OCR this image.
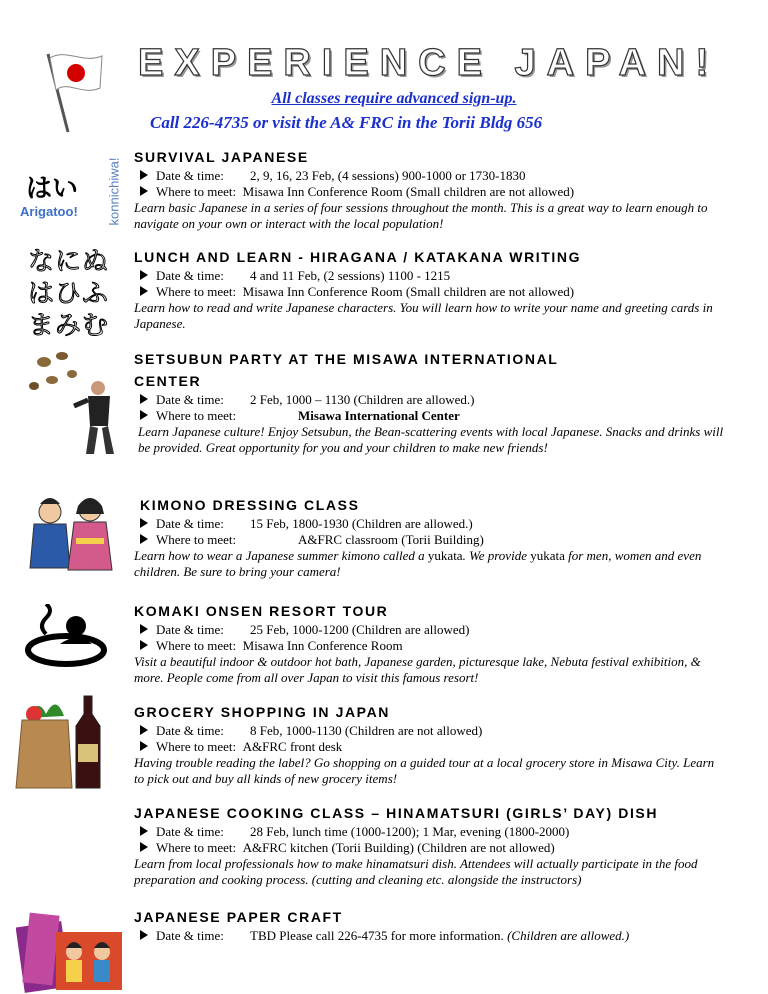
EXPERIENCE JAPAN!
All classes require advanced sign-up.
Call 226-4735 or visit the A& FRC in the Torii Bldg 656
konnichiwa!
はい
Arigatoo!
なにぬ
はひふ
まみむ
SURVIVAL JAPANESE
Date & time: 2, 9, 16, 23 Feb, (4 sessions) 900-1000 or 1730-1830
Where to meet: Misawa Inn Conference Room (Small children are not allowed)
Learn basic Japanese in a series of four sessions throughout the month. This is a great way to learn enough to navigate on your own or interact with the local population!
LUNCH AND LEARN - HIRAGANA / KATAKANA WRITING
Date & time: 4 and 11 Feb, (2 sessions) 1100 - 1215
Where to meet: Misawa Inn Conference Room (Small children are not allowed)
Learn how to read and write Japanese characters. You will learn how to write your name and greeting cards in Japanese.
SETSUBUN PARTY AT THE MISAWA INTERNATIONAL
CENTER
Date & time: 2 Feb, 1000 – 1130 (Children are allowed.)
Where to meet:	Misawa International Center
Learn Japanese culture! Enjoy Setsubun, the Bean-scattering events with local Japanese. Snacks and drinks will be provided. Great opportunity for you and your children to make new friends!
KIMONO DRESSING CLASS
Date & time: 15 Feb, 1800-1930 (Children are allowed.)
Where to meet:	A&FRC classroom (Torii Building)
Learn how to wear a Japanese summer kimono called a yukata. We provide yukata for men, women and even children. Be sure to bring your camera!
KOMAKI ONSEN RESORT TOUR
Date & time: 25 Feb, 1000-1200 (Children are allowed)
Where to meet: Misawa Inn Conference Room
Visit a beautiful indoor & outdoor hot bath, Japanese garden, picturesque lake, Nebuta festival exhibition, & more. People come from all over Japan to visit this famous resort!
GROCERY SHOPPING IN JAPAN
Date & time: 8 Feb, 1000-1130 (Children are not allowed)
Where to meet: A&FRC front desk
Having trouble reading the label? Go shopping on a guided tour at a local grocery store in Misawa City. Learn to pick out and buy all kinds of new grocery items!
JAPANESE COOKING CLASS – HINAMATSURI (GIRLS’ DAY) DISH
Date & time: 28 Feb, lunch time (1000-1200); 1 Mar, evening (1800-2000)
Where to meet: A&FRC kitchen (Torii Building) (Children are not allowed)
Learn from local professionals how to make hinamatsuri dish. Attendees will actually participate in the food preparation and cooking process. (cutting and cleaning etc. alongside the instructors)
JAPANESE PAPER CRAFT
Date & time: TBD Please call 226-4735 for more information. (Children are allowed.)
